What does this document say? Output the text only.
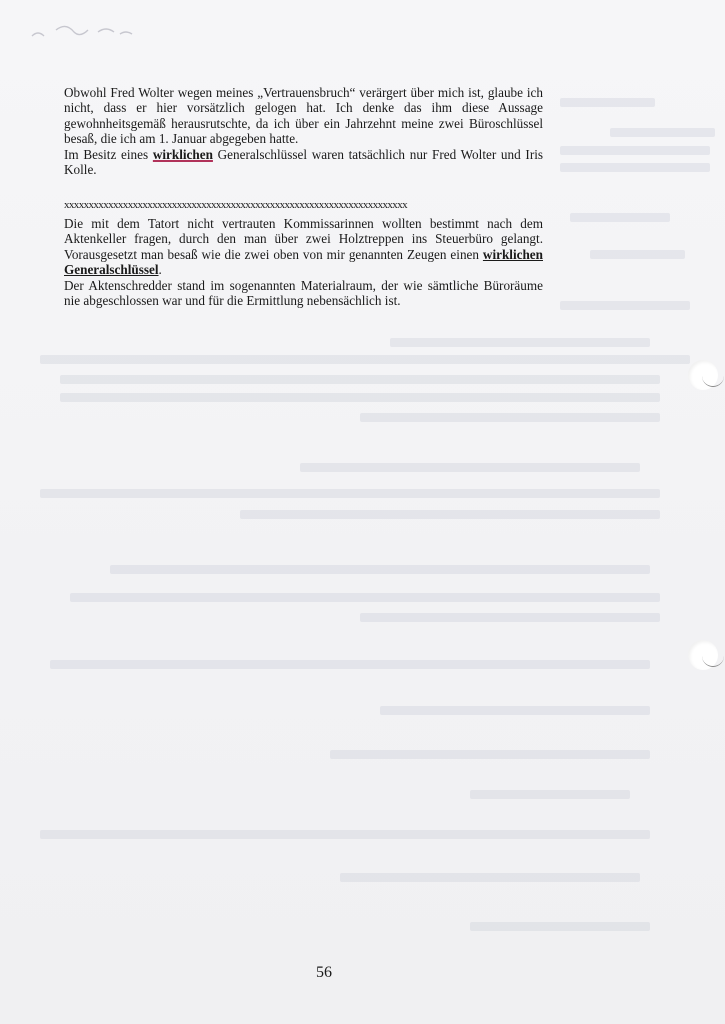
Obwohl Fred Wolter wegen meines „Vertrauensbruch“ verärgert über mich ist, glaube ich nicht, dass er hier vorsätzlich gelogen hat. Ich denke das ihm diese Aussage gewohnheitsgemäß herausrutschte, da ich über ein Jahrzehnt meine zwei Büroschlüssel besaß, die ich am 1. Januar abgegeben hatte.

Im Besitz eines wirklichen Generalschlüssel waren tatsächlich nur Fred Wolter und Iris Kolle.

xxxxxxxxxxxxxxxxxxxxxxxxxxxxxxxxxxxxxxxxxxxxxxxxxxxxxxxxxxxxxxxxxxxxxx

Die mit dem Tatort nicht vertrauten Kommissarinnen wollten bestimmt nach dem Aktenkeller fragen, durch den man über zwei Holztreppen ins Steuerbüro gelangt. Vorausgesetzt man besaß wie die zwei oben von mir genannten Zeugen einen wirklichen Generalschlüssel.

Der Aktenschredder stand im sogenannten Materialraum, der wie sämtliche Büroräume nie abgeschlossen war und für die Ermittlung nebensächlich ist.

56
